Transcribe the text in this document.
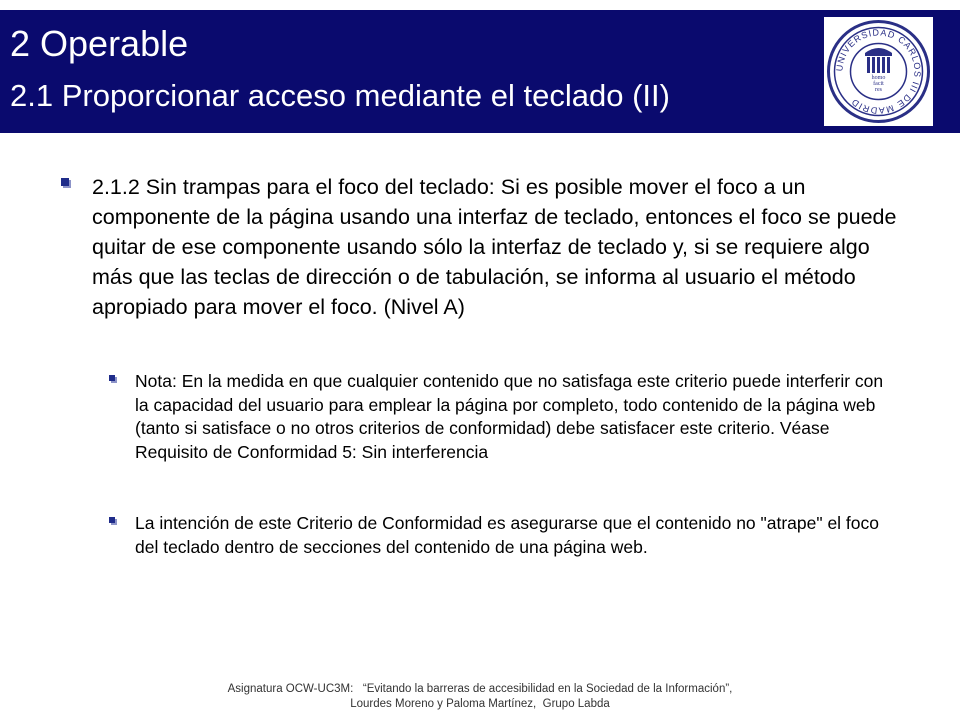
2 Operable
2.1 Proporcionar acceso mediante el teclado (II)
UNIVERSIDAD CARLOS III DE MADRID
homo
facit
res
2.1.2 Sin trampas para el foco del teclado: Si es posible mover el foco a un componente de la página usando una interfaz de teclado, entonces el foco se puede quitar de ese componente usando sólo la interfaz de teclado y, si se requiere algo más que las teclas de dirección o de tabulación, se informa al usuario el método apropiado para mover el foco. (Nivel A)
Nota: En la medida en que cualquier contenido que no satisfaga este criterio puede interferir con la capacidad del usuario para emplear la página por completo, todo contenido de la página web (tanto si satisface o no otros criterios de conformidad) debe satisfacer este criterio. Véase Requisito de Conformidad 5: Sin interferencia
La intención de este Criterio de Conformidad es asegurarse que el contenido no "atrape" el foco del teclado dentro de secciones del contenido de una página web.
Asignatura OCW-UC3M:   “Evitando la barreras de accesibilidad en la Sociedad de la Información”,
Lourdes Moreno y Paloma Martínez,  Grupo Labda
